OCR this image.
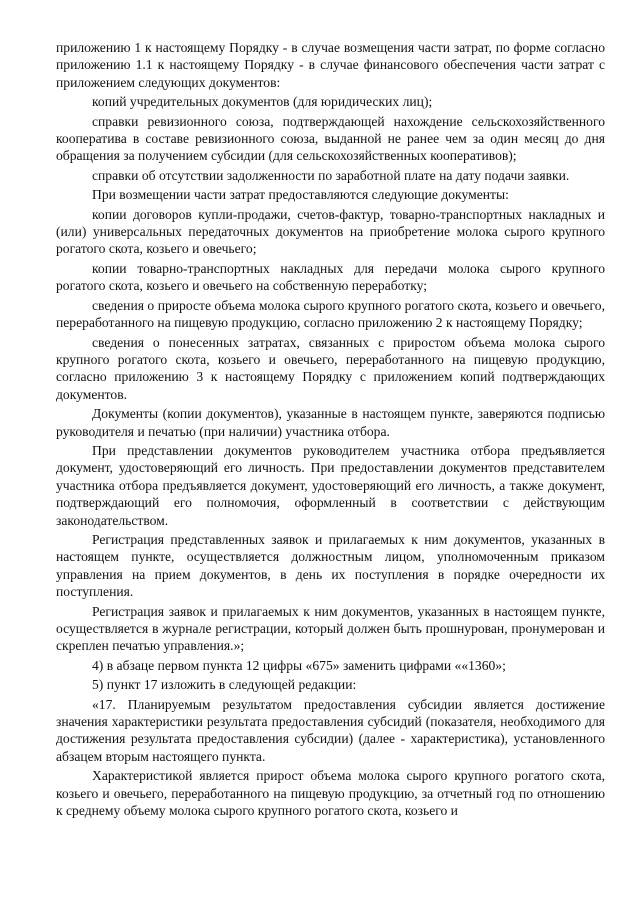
приложению 1 к настоящему Порядку - в случае возмещения части затрат, по форме согласно приложению 1.1 к настоящему Порядку - в случае финансового обеспечения части затрат с приложением следующих документов:

копий учредительных документов (для юридических лиц);

справки ревизионного союза, подтверждающей нахождение сельскохозяйственного кооператива в составе ревизионного союза, выданной не ранее чем за один месяц до дня обращения за получением субсидии (для сельскохозяйственных кооперативов);

справки об отсутствии задолженности по заработной плате на дату подачи заявки.

При возмещении части затрат предоставляются следующие документы:

копии договоров купли-продажи, счетов-фактур, товарно-транспортных накладных и (или) универсальных передаточных документов на приобретение молока сырого крупного рогатого скота, козьего и овечьего;

копии товарно-транспортных накладных для передачи молока сырого крупного рогатого скота, козьего и овечьего на собственную переработку;

сведения о приросте объема молока сырого крупного рогатого скота, козьего и овечьего, переработанного на пищевую продукцию, согласно приложению 2 к настоящему Порядку;

сведения о понесенных затратах, связанных с приростом объема молока сырого крупного рогатого скота, козьего и овечьего, переработанного на пищевую продукцию, согласно приложению 3 к настоящему Порядку с приложением копий подтверждающих документов.

Документы (копии документов), указанные в настоящем пункте, заверяются подписью руководителя и печатью (при наличии) участника отбора.

При представлении документов руководителем участника отбора предъявляется документ, удостоверяющий его личность. При предоставлении документов представителем участника отбора предъявляется документ, удостоверяющий его личность, а также документ, подтверждающий его полномочия, оформленный в соответствии с действующим законодательством.

Регистрация представленных заявок и прилагаемых к ним документов, указанных в настоящем пункте, осуществляется должностным лицом, уполномоченным приказом управления на прием документов, в день их поступления в порядке очередности их поступления.

Регистрация заявок и прилагаемых к ним документов, указанных в настоящем пункте, осуществляется в журнале регистрации, который должен быть прошнурован, пронумерован и скреплен печатью управления.»;

4) в абзаце первом пункта 12 цифры «675» заменить цифрами ««1360»;

5) пункт 17 изложить в следующей редакции:

«17. Планируемым результатом предоставления субсидии является достижение значения характеристики результата предоставления субсидий (показателя, необходимого для достижения результата предоставления субсидии) (далее - характеристика), установленного абзацем вторым настоящего пункта.

Характеристикой является прирост объема молока сырого крупного рогатого скота, козьего и овечьего, переработанного на пищевую продукцию, за отчетный год по отношению к среднему объему молока сырого крупного рогатого скота, козьего и
